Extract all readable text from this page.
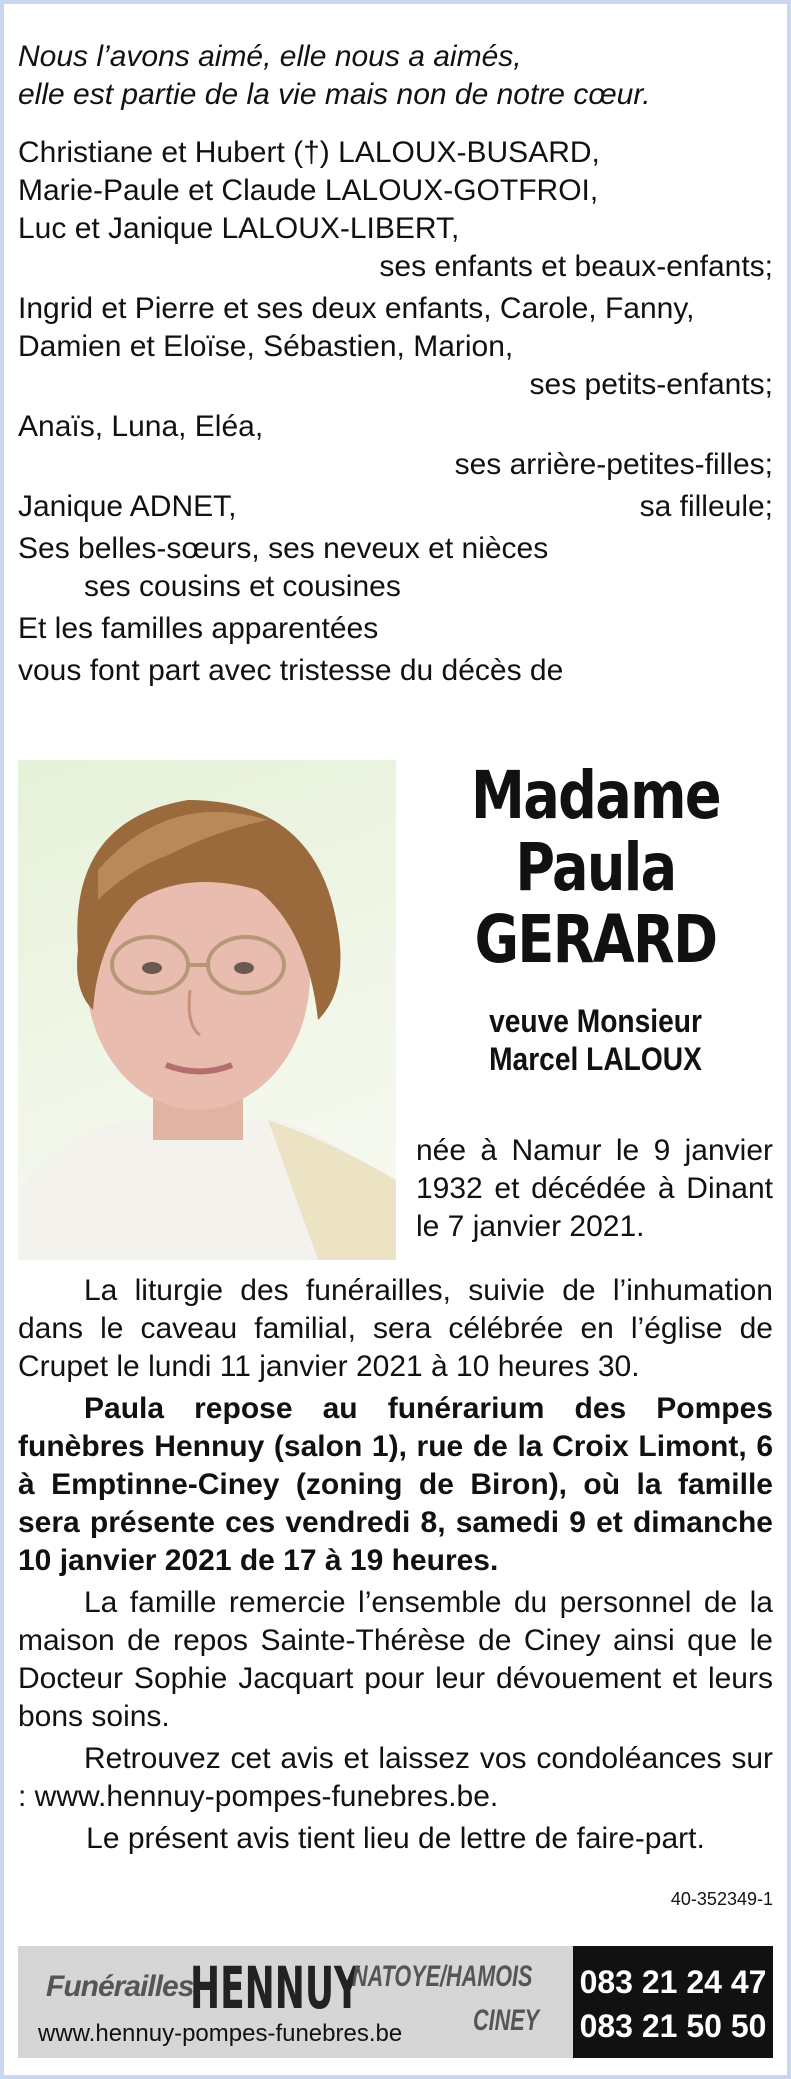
Nous l’avons aimé, elle nous a aimés,
elle est partie de la vie mais non de notre cœur.
Christiane et Hubert (†) LALOUX-BUSARD,
Marie-Paule et Claude LALOUX-GOTFROI,
Luc et Janique LALOUX-LIBERT,
ses enfants et beaux-enfants;
Ingrid et Pierre et ses deux enfants, Carole, Fanny,
Damien et Eloïse, Sébastien, Marion,
ses petits-enfants;
Anaïs, Luna, Eléa,
ses arrière-petites-filles;
Janique ADNET,	sa filleule;
Ses belles-sœurs, ses neveux et nièces
ses cousins et cousines
Et les familles apparentées
vous font part avec tristesse du décès de
Madame
Paula
GERARD
veuve Monsieur
Marcel LALOUX
née à Namur le 9 janvier 1932 et décédée à Dinant le 7 janvier 2021.

La liturgie des funérailles, suivie de l’inhumation dans le caveau familial, sera célébrée en l’église de Crupet le lundi 11 janvier 2021 à 10 heures 30.

Paula repose au funérarium des Pompes funèbres Hennuy (salon 1), rue de la Croix Limont, 6 à Emptinne-Ciney (zoning de Biron), où la famille sera présente ces vendredi 8, samedi 9 et dimanche 10 janvier 2021 de 17 à 19 heures.

La famille remercie l’ensemble du personnel de la maison de repos Sainte-Thérèse de Ciney ainsi que le Docteur Sophie Jacquart pour leur dévouement et leurs bons soins.

Retrouvez cet avis et laissez vos condoléances sur : www.hennuy-pompes-funebres.be.

Le présent avis tient lieu de lettre de faire-part.

40-352349-1
Funérailles
HENNUY
NATOYE/HAMOIS
CINEY
www.hennuy-pompes-funebres.be
083 21 24 47
083 21 50 50
